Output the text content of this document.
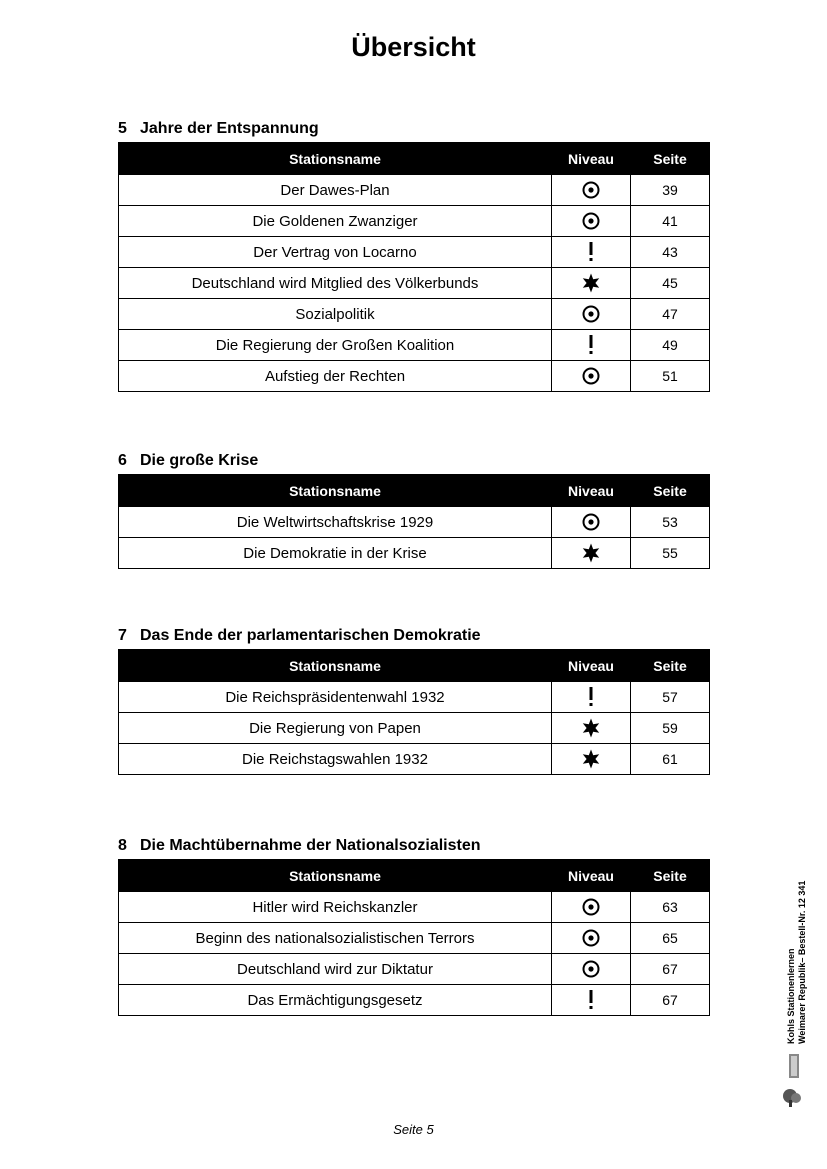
Übersicht
5 Jahre der Entspannung
Stationsname	Niveau	Seite
Der Dawes-Plan		39
Die Goldenen Zwanziger		41
Der Vertrag von Locarno		43
Deutschland wird Mitglied des Völkerbunds		45
Sozialpolitik		47
Die Regierung der Großen Koalition		49
Aufstieg der Rechten		51
6 Die große Krise
Stationsname	Niveau	Seite
Die Weltwirtschaftskrise 1929		53
Die Demokratie in der Krise		55
7 Das Ende der parlamentarischen Demokratie
Stationsname	Niveau	Seite
Die Reichspräsidentenwahl 1932		57
Die Regierung von Papen		59
Die Reichstagswahlen 1932		61
8 Die Machtübernahme der Nationalsozialisten
Stationsname	Niveau	Seite
Hitler wird Reichskanzler		63
Beginn des nationalsozialistischen Terrors		65
Deutschland wird zur Diktatur		67
Das Ermächtigungsgesetz		67	Kohls Stationenlernen Weimarer Republik– Bestell-Nr. 12 341
Seite 5
